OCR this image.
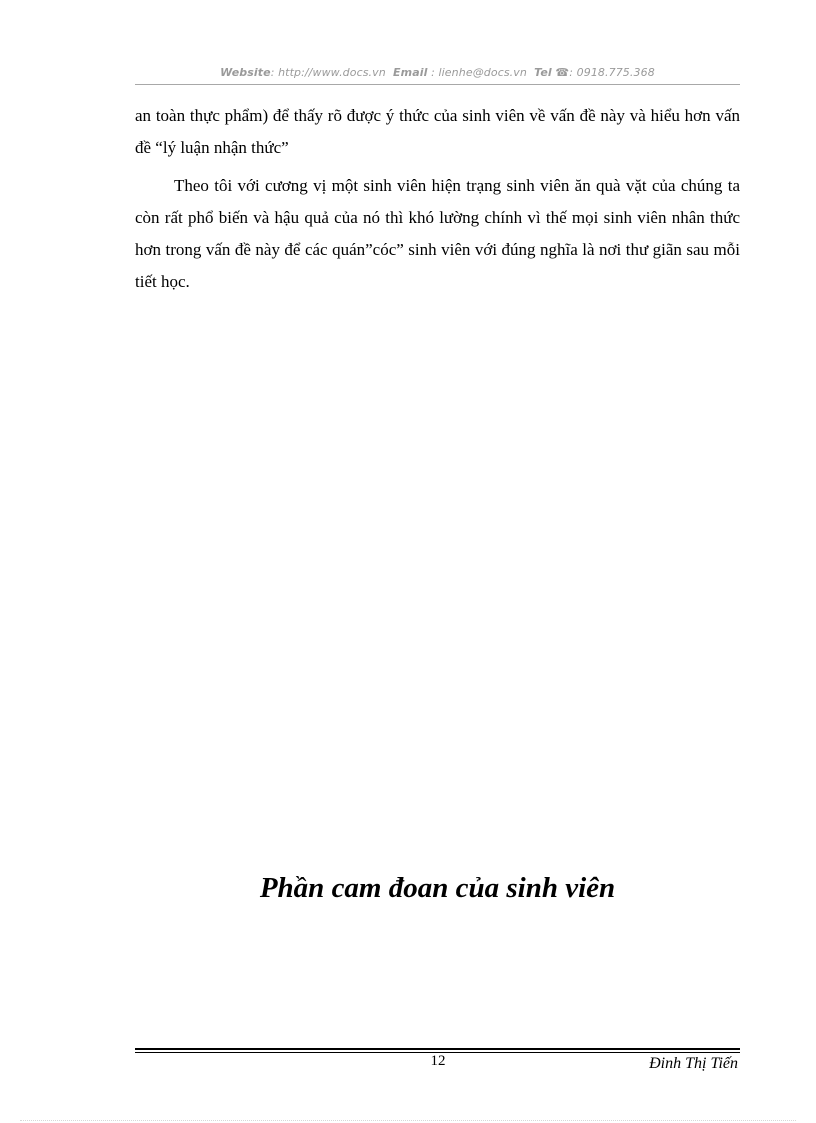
Website: http://www.docs.vn Email : lienhe@docs.vn Tel ☎: 0918.775.368

an toàn thực phẩm) để thấy rõ được ý thức của sinh viên về vấn đề này và hiểu hơn vấn đề “lý luận nhận thức”

Theo tôi với cương vị một sinh viên hiện trạng sinh viên ăn quà vặt của chúng ta còn rất phổ biến và hậu quả của nó thì khó lường chính vì thế mọi sinh viên nhân thức hơn trong vấn đề này để các quán”cóc” sinh viên với đúng nghĩa là nơi thư giãn sau mỗi tiết học.

Phần cam đoan của sinh viên
12	Đinh Thị Tiến
